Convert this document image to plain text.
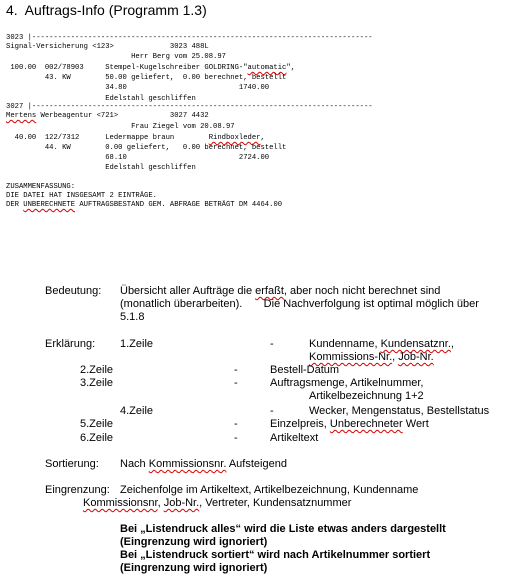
4.  Auftrags-Info (Programm 1.3)
3023 |-------------------------------------------------------------------------------
Signal-Versicherung <123>             3023 488L
Herr Berg vom 25.08.97
100.00  002/78903     Stempel-Kugelschreiber GOLDRING-"automatic",
43. KW        50.00 geliefert,  0.00 berechnet, bestellt
34.80                          1740.00
Edelstahl geschliffen
3027 |-------------------------------------------------------------------------------
Mertens Werbeagentur <721>            3027 4432
Frau Ziegel vom 20.08.97
40.00  122/7312      Ledermappe braun        Rindboxleder,
44. KW        0.00 geliefert,   0.00 berechnet, bestellt
68.10                          2724.00
Edelstahl geschliffen
ZUSAMMENFASSUNG:
DIE DATEI HAT INSGESAMT 2 EINTRÄGE.
DER UNBERECHNETE AUFTRAGSBESTAND GEM. ABFRAGE BETRÄGT DM 4464.00
Bedeutung: Übersicht aller Aufträge die erfaßt, aber noch nicht berechnet sind
(monatlich überarbeiten).       Die Nachverfolgung ist optimal möglich über
5.1.8
Erklärung: 1.Zeile	-	Kundenname, Kundensatznr.,
Kommissions-Nr., Job-Nr.
2.Zeile	-	Bestell-Datum
3.Zeile	-	Auftragsmenge, Artikelnummer,
Artikelbezeichnung 1+2
4.Zeile	-	Wecker, Mengenstatus, Bestellstatus
5.Zeile	-	Einzelpreis, Unberechneter Wert
6.Zeile	-	Artikeltext
Sortierung: Nach Kommissionsnr. Aufsteigend
Eingrenzung: Zeichenfolge im Artikeltext, Artikelbezeichnung, Kundenname
Kommissionsnr, Job-Nr., Vertreter, Kundensatznummer
Bei „Listendruck alles“ wird die Liste etwas anders dargestellt
(Eingrenzung wird ignoriert)
Bei „Listendruck sortiert“ wird nach Artikelnummer sortiert
(Eingrenzung wird ignoriert)
